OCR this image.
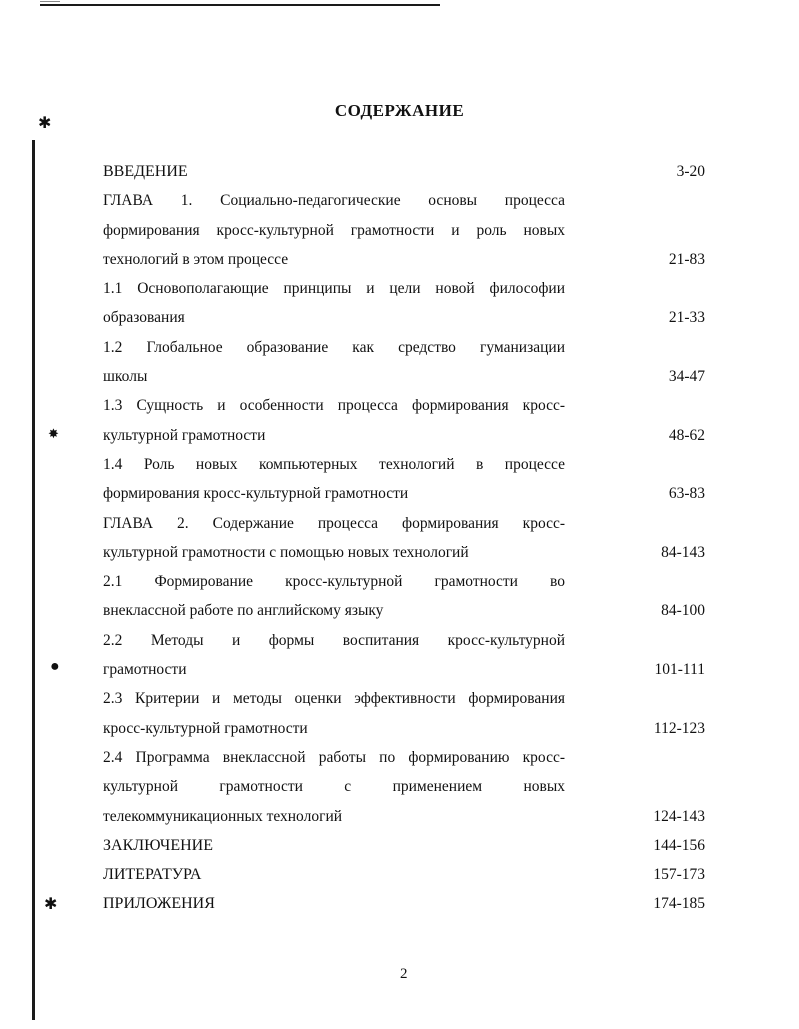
✱
✸
●
✱
СОДЕРЖАНИЕ
ВВЕДЕНИЕ	3-20
ГЛАВА 1. Социально-педагогические основы процесса
формирования кросс-культурной грамотности и роль новых
технологий в этом процессе	21-83
1.1 Основополагающие принципы и цели новой философии
образования	21-33
1.2 Глобальное образование как средство гуманизации
школы	34-47
1.3 Сущность и особенности процесса формирования кросс-
культурной грамотности	48-62
1.4 Роль новых компьютерных технологий в процессе
формирования кросс-культурной грамотности	63-83
ГЛАВА 2. Содержание процесса формирования кросс-
культурной грамотности с помощью новых технологий	84-143
2.1 Формирование кросс-культурной грамотности во
внеклассной работе по английскому языку	84-100
2.2 Методы и формы воспитания кросс-культурной
грамотности	101-111
2.3 Критерии и методы оценки эффективности формирования
кросс-культурной грамотности	112-123
2.4 Программа внеклассной работы по формированию кросс-
культурной грамотности с применением новых
телекоммуникационных технологий	124-143
ЗАКЛЮЧЕНИЕ	144-156
ЛИТЕРАТУРА	157-173
ПРИЛОЖЕНИЯ	174-185
2
